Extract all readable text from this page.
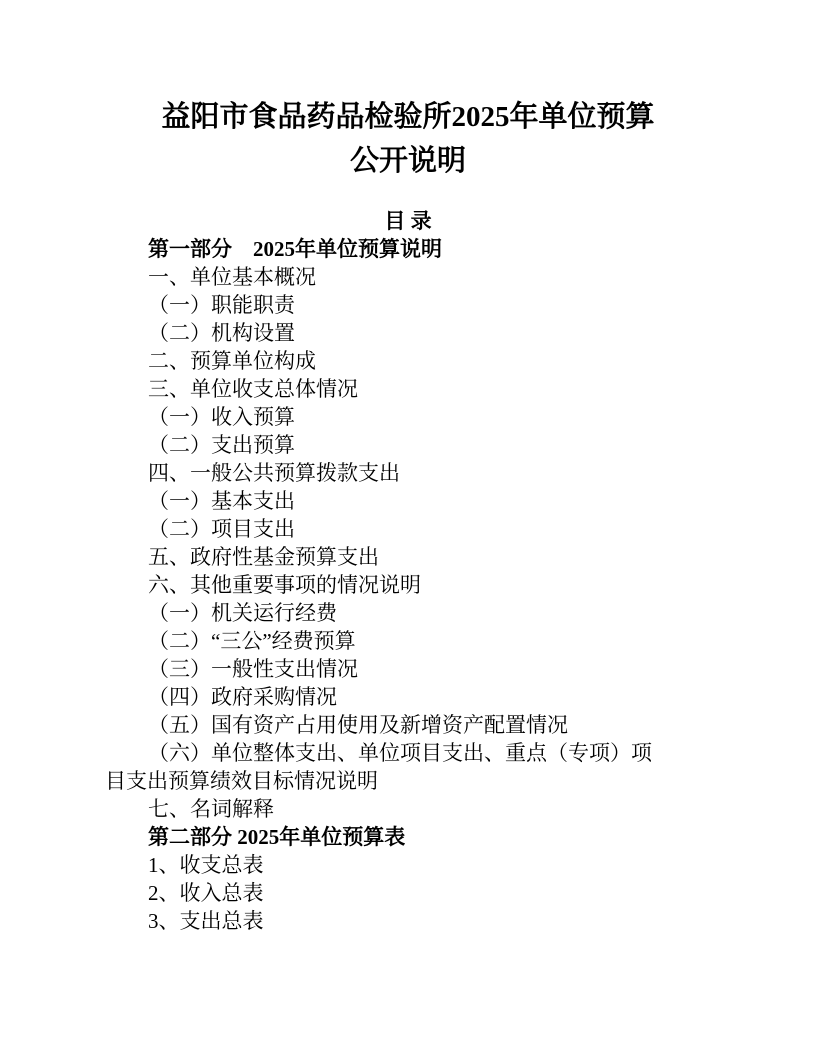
益阳市食品药品检验所2025年单位预算
公开说明
目 录
第一部分　2025年单位预算说明
一、单位基本概况
（一）职能职责
（二）机构设置
二、预算单位构成
三、单位收支总体情况
（一）收入预算
（二）支出预算
四、一般公共预算拨款支出
（一）基本支出
（二）项目支出
五、政府性基金预算支出
六、其他重要事项的情况说明
（一）机关运行经费
（二）“三公”经费预算
（三）一般性支出情况
（四）政府采购情况
（五）国有资产占用使用及新增资产配置情况
（六）单位整体支出、单位项目支出、重点（专项）项
目支出预算绩效目标情况说明
七、名词解释
第二部分 2025年单位预算表
1、收支总表
2、收入总表
3、支出总表
